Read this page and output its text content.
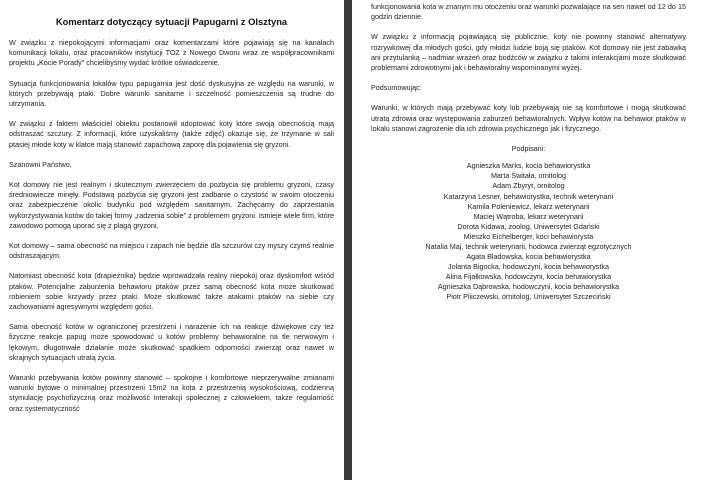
Komentarz dotyczący sytuacji Papugarni z Olsztyna

W związku z niepokojącymi informacjami oraz komentarzami które pojawiają się na kanałach komunikacji lokalu, oraz pracowników instytucji TOZ z Nowego Dworu wraz ze współpracownikami projektu „Kocie Porady" chcielibyśmy wydać krótkie oświadczenie.

Sytuacja funkcjonowania lokalów typu papugarnia jest dość dyskusyjna ze względu na warunki, w których przebywają ptaki. Dobre warunki sanitarne i szczelność pomieszczenia są trudne do utrzymania.

W związku z faktem właściciel obiektu postanowił adoptować koty które swoją obecnością mają odstraszać szczury. Z informacji, które uzyskaliśmy (także zdjęć) okazuje się, że trzymane w sali ptasiej młode koty w klatce mają stanowić zapachową zaporę dla pojawienia się gryzoni.

Szanowni Państwo,

Kot domowy nie jest realnym i skutecznym zwierzęciem do pozbycia się problemu gryzoni, czasy średniowiecze minęły. Podstawą pozbycia się gryzoni jest zadbanie o czystość w swoim otoczeniu oraz zabezpieczenie okolic budynku pod względem sanitarnym. Zachęcamy do zaprzestania wykorzystywania kotów do takiej formy „radzenia sobie" z problemem gryzoni. Istnieje wiele firm, które zawodowo pomogą uporać się z plagą gryzoni.

Kot domowy – sama obecność na miejscu i zapach nie będzie dla szczurów czy myszy czymś realnie odstraszającym.

Natomiast obecność kota (drapieżnika) będzie wprowadzała realny niepokój oraz dyskomfort wśród ptaków. Potencjalne zaburzenia behawioru ptaków przez samą obecność kota może skutkować robieniem sobie krzywdy przez ptaki. Może skutkować także atakami ptaków na siebie czy zachowaniami agresywnymi względem gości.

Sama obecność kotów w ograniczonej przestrzeni i narażenie ich na reakcje dźwiękowe czy też fizyczne reakcje papug może spowodować u kotów problemy behawioralne na tle nerwowym i lękowym, długotrwałe działanie może skutkować spadkiem odporności zwierząt oraz nawet w skrajnych sytuacjach utratą życia.

Warunki przebywania kotów powinny stanowić – spokojne i komfortowe nieprzerywalne zmianami warunki bytowe o minimalnej przestrzeni 15m2 na kota z przestrzenią wysokościową, codzienną stymulację psychofizyczną oraz możliwość interakcji społecznej z człowiekiem, także regularność oraz systematyczność

funkcjonowania kota w znanym mu otoczeniu oraz warunki pozwalające na sen nawet od 12 do 15 godzin dziennie.

W związku z informacją pojawiającą się publicznie, koty nie powinny stanowić alternatywy rozrywkowej dla młodych gości, gdy młodzi ludzie boją się ptaków. Kot domowy nie jest zabawką ani przytulanką – nadmiar wrażeń oraz bodźców w związku z takimi interakcjami może skutkować problemami zdrowotnymi jak i behawioralny wspominanymi wyżej.

Podsumowując:

Warunki, w których mają przebywać koty lub przebywają nie są komfortowe i mogą skutkować utratą zdrowia oraz występowania zaburzeń behawioralnych. Wpływ kotów na behawior ptaków w lokalu stanowi zagrożenie dla ich zdrowia psychicznego jak i fizycznego.

Podpisani:
Agnieszka Marks, kocia behawiorystka
Marta Świtała, ornitolog
Adam Zbyryt, ornitolog
Katarzyna Lesner, behawiorystka, technik weterynarii
Kamila Poleniewicz, lekarz weterynarii
Maciej Wątroba, lekarz weterynarii
Dorota Kidawa, zoolog, Uniwersytet Gdański
Mieszko Eichelberger, koci behawiorysta
Natalia Maj, technik weterynarii, hodowca zwierząt egzotycznych
Agata Bladowska, kocia behawiorystka
Jolanta Bigocka, hodowczyni, kocia behawiorystka
Alina Fijałkowska, hodowczyni, kocia behawiorystka
Agnieszka Dąbrowska, hodowczyni, kocia behawiorystka
Piotr Pliiczewski, ornitolog, Uniwersytet Szczeciński
